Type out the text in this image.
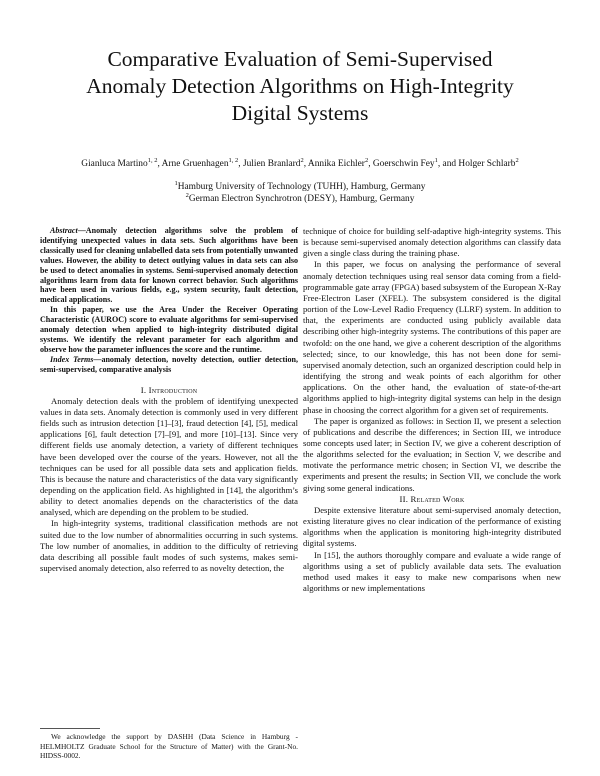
Comparative Evaluation of Semi-Supervised
Anomaly Detection Algorithms on High-Integrity
Digital Systems
Gianluca Martino$^{1, 2}$, Arne Gruenhagen$^{1, 2}$, Julien Branlard$^2$, Annika Eichler$^2$, Goerschwin Fey$^1$, and Holger Schlarb$^2$
$^1$Hamburg University of Technology (TUHH), Hamburg, Germany
$^2$German Electron Synchrotron (DESY), Hamburg, Germany

Abstract—Anomaly detection algorithms solve the problem of identifying unexpected values in data sets. Such algorithms have been classically used for cleaning unlabelled data sets from potentially unwanted values. However, the ability to detect outlying values in data sets can also be used to detect anomalies in systems. Semi-supervised anomaly detection algorithms learn from data for known correct behavior. Such algorithms have been used in various fields, e.g., system security, fault detection, medical applications.

In this paper, we use the Area Under the Receiver Operating Characteristic (AUROC) score to evaluate algorithms for semi-supervised anomaly detection when applied to high-integrity distributed digital systems. We identify the relevant parameter for each algorithm and observe how the parameter influences the score and the runtime.

Index Terms—anomaly detection, novelty detection, outlier detection, semi-supervised, comparative analysis

I. Introduction

Anomaly detection deals with the problem of identifying unexpected values in data sets. Anomaly detection is commonly used in very different fields such as intrusion detection [1]–[3], fraud detection [4], [5], medical applications [6], fault detection [7]–[9], and more [10]–[13]. Since very different fields use anomaly detection, a variety of different techniques have been developed over the course of the years. However, not all the techniques can be used for all possible data sets and application fields. This is because the nature and characteristics of the data vary significantly depending on the application field. As highlighted in [14], the algorithm’s ability to detect anomalies depends on the characteristics of the data analysed, which are depending on the problem to be studied.

In high-integrity systems, traditional classification methods are not suited due to the low number of abnormalities occurring in such systems. The low number of anomalies, in addition to the difficulty of retrieving data describing all possible fault modes of such systems, makes semi-supervised anomaly detection, also referred to as novelty detection, the

We acknowledge the support by DASHH (Data Science in Hamburg - HELMHOLTZ Graduate School for the Structure of Matter) with the Grant-No. HIDSS-0002.

technique of choice for building self-adaptive high-integrity systems. This is because semi-supervised anomaly detection algorithms can classify data given a single class during the training phase.

In this paper, we focus on analysing the performance of several anomaly detection techniques using real sensor data coming from a field-programmable gate array (FPGA) based subsystem of the European X-Ray Free-Electron Laser (XFEL). The subsystem considered is the digital portion of the Low-Level Radio Frequency (LLRF) system. In addition to that, the experiments are conducted using publicly available data describing other high-integrity systems. The contributions of this paper are twofold: on the one hand, we give a coherent description of the algorithms selected; since, to our knowledge, this has not been done for semi-supervised anomaly detection, such an organized description could help in identifying the strong and weak points of each algorithm for other applications. On the other hand, the evaluation of state-of-the-art algorithms applied to high-integrity digital systems can help in the design phase in choosing the correct algorithm for a given set of requirements.

The paper is organized as follows: in Section II, we present a selection of publications and describe the differences; in Section III, we introduce some concepts used later; in Section IV, we give a coherent description of the algorithms selected for the evaluation; in Section V, we describe and motivate the performance metric chosen; in Section VI, we describe the experiments and present the results; in Section VII, we conclude the work giving some general indications.

II. Related Work

Despite extensive literature about semi-supervised anomaly detection, existing literature gives no clear indication of the performance of existing algorithms when the application is monitoring high-integrity distributed digital systems.

In [15], the authors thoroughly compare and evaluate a wide range of algorithms using a set of publicly available data sets. The evaluation method used makes it easy to make new comparisons when new algorithms or new implementations
